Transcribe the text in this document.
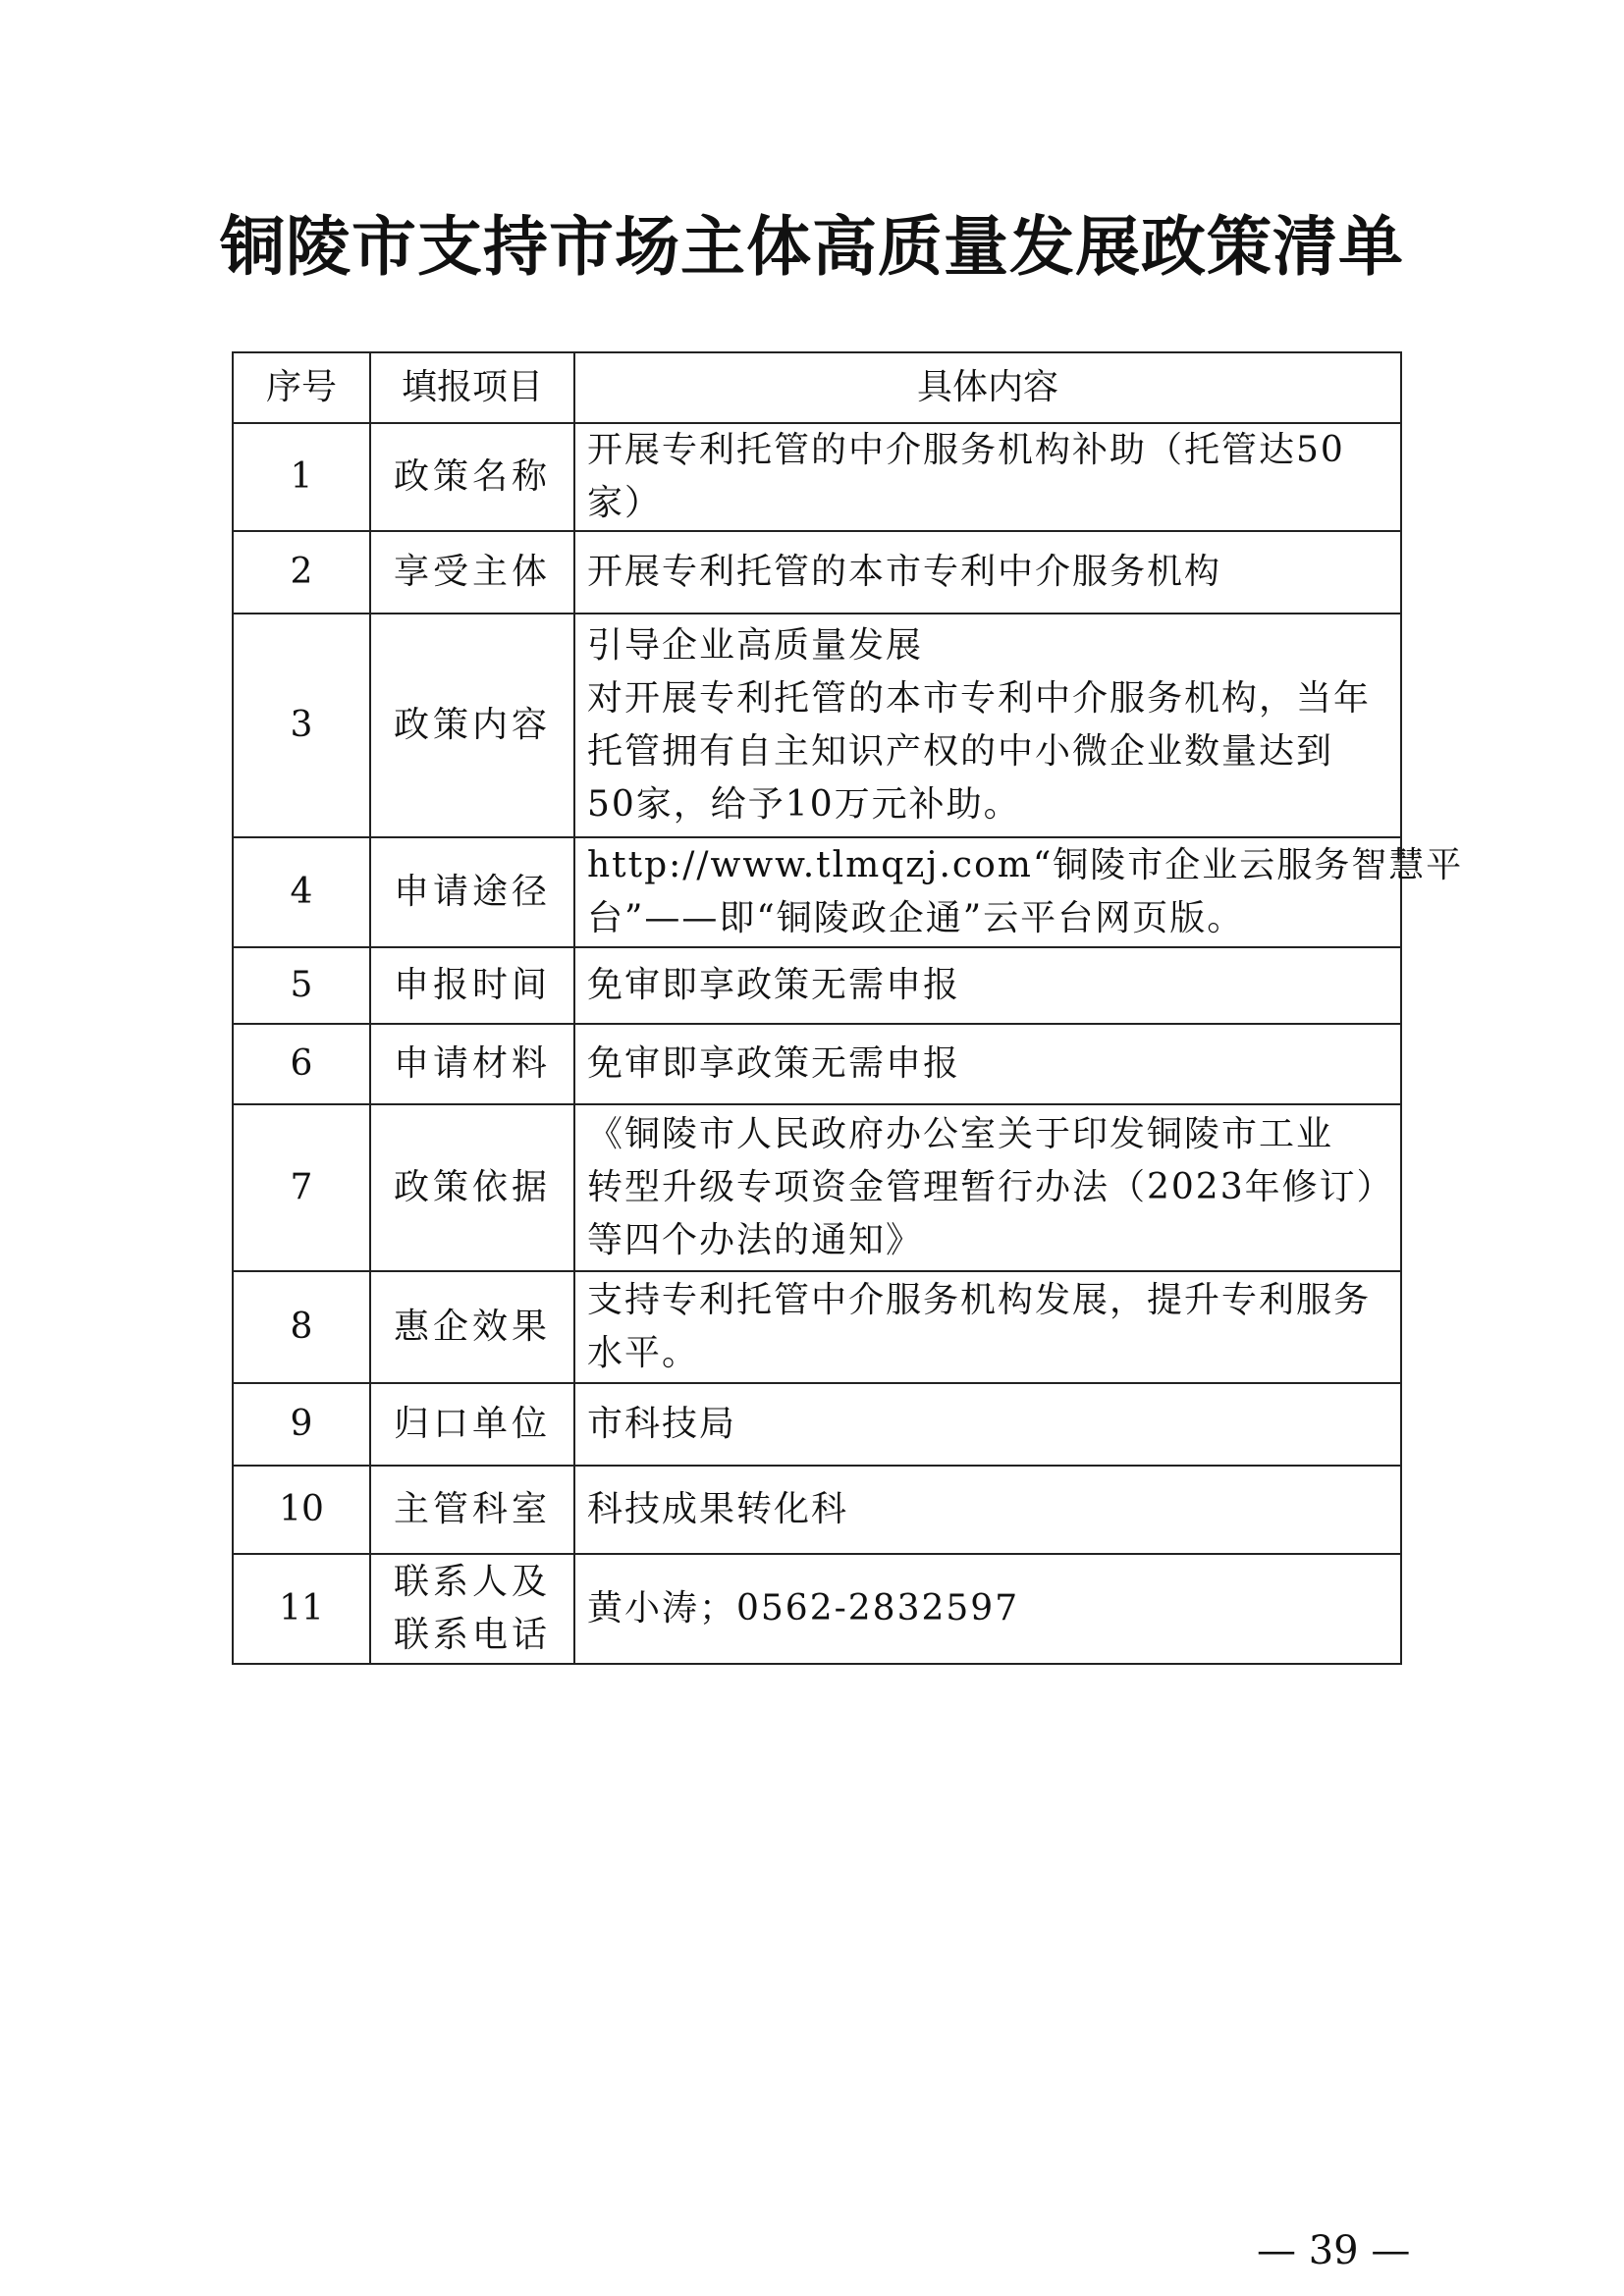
铜陵市支持市场主体高质量发展政策清单
序号	填报项目	具体内容
1	政策名称	开展专利托管的中介服务机构补助（托管达50
家）

2	享受主体	开展专利托管的本市专利中介服务机构

3	政策内容	引导企业高质量发展
对开展专利托管的本市专利中介服务机构，当年
托管拥有自主知识产权的中小微企业数量达到
50家，给予10万元补助。

4	申请途径	http://www.tlmqzj.com“铜陵市企业云服务智慧平
台”——即“铜陵政企通”云平台网页版。

5	申报时间	免审即享政策无需申报

6	申请材料	免审即享政策无需申报

7	政策依据	《铜陵市人民政府办公室关于印发铜陵市工业
转型升级专项资金管理暂行办法（2023年修订）
等四个办法的通知》

8	惠企效果	支持专利托管中介服务机构发展，提升专利服务
水平。

9	归口单位	市科技局

10	主管科室	科技成果转化科

11	联系人及
联系电话	黄小涛；0562-2832597
— 39 —
